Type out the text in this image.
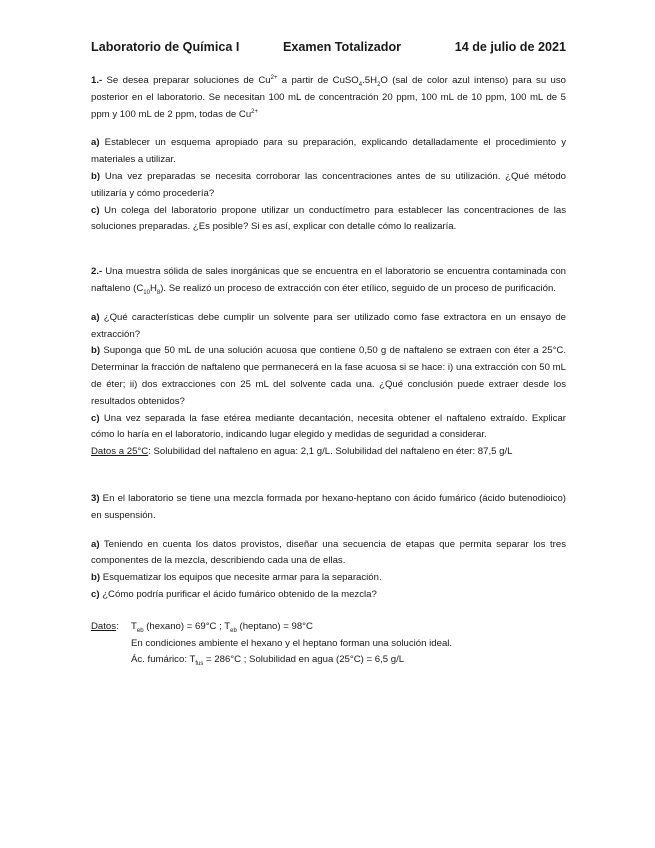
Laboratorio de Química I	Examen Totalizador	14 de julio de 2021

1.- Se desea preparar soluciones de $Cu^{2+}$ a partir de $CuSO_4.5H_2O$ (sal de color azul intenso) para su uso posterior en el laboratorio. Se necesitan 100 mL de concentración 20 ppm, 100 mL de 10 ppm, 100 mL de 5 ppm y 100 mL de 2 ppm, todas de $Cu^{2+}$

a) Establecer un esquema apropiado para su preparación, explicando detalladamente el procedimiento y materiales a utilizar.

b) Una vez preparadas se necesita corroborar las concentraciones antes de su utilización. ¿Qué método utilizaría y cómo procedería?

c) Un colega del laboratorio propone utilizar un conductímetro para establecer las concentraciones de las soluciones preparadas. ¿Es posible? Si es así, explicar con detalle cómo lo realizaría.

2.- Una muestra sólida de sales inorgánicas que se encuentra en el laboratorio se encuentra contaminada con naftaleno $(C_{10}H_8)$. Se realizó un proceso de extracción con éter etílico, seguido de un proceso de purificación.

a) ¿Qué características debe cumplir un solvente para ser utilizado como fase extractora en un ensayo de extracción?

b) Suponga que 50 mL de una solución acuosa que contiene 0,50 g de naftaleno se extraen con éter a 25°C. Determinar la fracción de naftaleno que permanecerá en la fase acuosa si se hace: i) una extracción con 50 mL de éter; ii) dos extracciones con 25 mL del solvente cada una. ¿Qué conclusión puede extraer desde los resultados obtenidos?

c) Una vez separada la fase etérea mediante decantación, necesita obtener el naftaleno extraído. Explicar cómo lo haría en el laboratorio, indicando lugar elegido y medidas de seguridad a considerar.

Datos a 25°C: Solubilidad del naftaleno en agua: 2,1 g/L. Solubilidad del naftaleno en éter: 87,5 g/L

3) En el laboratorio se tiene una mezcla formada por hexano-heptano con ácido fumárico (ácido butenodioico) en suspensión.

a) Teniendo en cuenta los datos provistos, diseñar una secuencia de etapas que permita separar los tres componentes de la mezcla, describiendo cada una de ellas.

b) Esquematizar los equipos que necesite armar para la separación.

c) ¿Cómo podría purificar el ácido fumárico obtenido de la mezcla?

Datos: $T_{eb}$ (hexano) = 69°C ; $T_{eb}$ (heptano) = 98°C

En condiciones ambiente el hexano y el heptano forman una solución ideal.

Ác. fumárico: $T_{fus} = 286^\circ C$ ; Solubilidad en agua (25°C) = 6,5 g/L
